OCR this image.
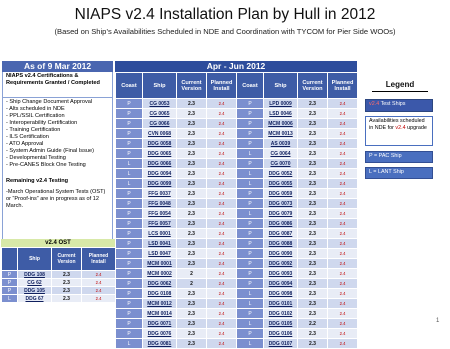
NIAPS v2.4 Installation Plan by Hull in 2012
(Based on Ship’s Availabilities Scheduled in NDE and Coordination with TYCOM for Pier Side WOOs)
As of 9 Mar 2012
NIAPS v2.4 Certifications & Requirements Granted / Completed
- Ship Change Document Approval
- Alts scheduled in NDE
- PPL/SSIL Certification
- Interoperability Certification
- Training Certification
- ILS Certification
- ATO Approval
- System Admin Guide (Final Issue)
- Developmental Testing
- Pre-CANES Block One Testing
Remaining v2.4 Testing
-March Operational System Tests (OST) or “Proof-ins” are in progress as of 12 March.
v2.4 OST
	Ship	Current Version	Planned Install
P	DDG 108	2.3	2.4
P	CG 62	2.3	2.4
P	DDG 105	2.3	2.4
L	DDG 67	2.3	2.4
Apr - Jun 2012
Coast	Ship	Current Version	Planned Install	Coast	Ship	Current Version	Planned Install
P	CG 0053	2.3	2.4	P	LPD 0009	2.3	2.4
P	CG 0065	2.3	2.4	P	LSD 0046	2.3	2.4
P	CG 0066	2.3	2.4	P	MCM 0006	2.3	2.4
P	CVN 0068	2.3	2.4	P	MCM 0013	2.3	2.4
P	DDG 0058	2.3	2.4	P	AS 0039	2.3	2.4
P	DDG 0065	2.3	2.4	L	CG 0064	2.3	2.4
L	DDG 0066	2.3	2.4	P	CG 0070	2.3	2.4
L	DDG 0094	2.3	2.4	L	DDG 0052	2.3	2.4
L	DDG 0099	2.3	2.4	L	DDG 0055	2.3	2.4
P	FFG 0037	2.3	2.4	P	DDG 0059	2.3	2.4
P	FFG 0048	2.3	2.4	P	DDG 0073	2.3	2.4
P	FFG 0054	2.3	2.4	L	DDG 0079	2.3	2.4
P	FFG 0057	2.3	2.4	P	DDG 0086	2.3	2.4
P	LCS 0001	2.3	2.4	P	DDG 0087	2.3	2.4
P	LSD 0041	2.3	2.4	P	DDG 0088	2.3	2.4
P	LSD 0047	2.3	2.4	P	DDG 0090	2.3	2.4
P	MCM 0001	2.3	2.4	P	DDG 0092	2.3	2.4
P	MCM 0002	2	2.4	P	DDG 0093	2.3	2.4
P	DDG 0062	2	2.4	P	DDG 0094	2.3	2.4
P	DDG 0108	2.3	2.4	L	DDG 0098	2.3	2.4
P	MCM 0012	2.3	2.4	L	DDG 0101	2.3	2.4
P	MCM 0014	2.3	2.4	P	DDG 0102	2.3	2.4
P	DDG 0071	2.3	2.4	L	DDG 0105	2.2	2.4
P	DDG 0076	2.3	2.4	P	DDG 0106	2.3	2.4
L	DDG 0081	2.3	2.4	L	DDG 0107	2.3	2.4
Legend
v2.4 Test Ships
Availabilities scheduled in NDE for v2.4 upgrade
P = PAC Ship
L = LANT Ship
1
